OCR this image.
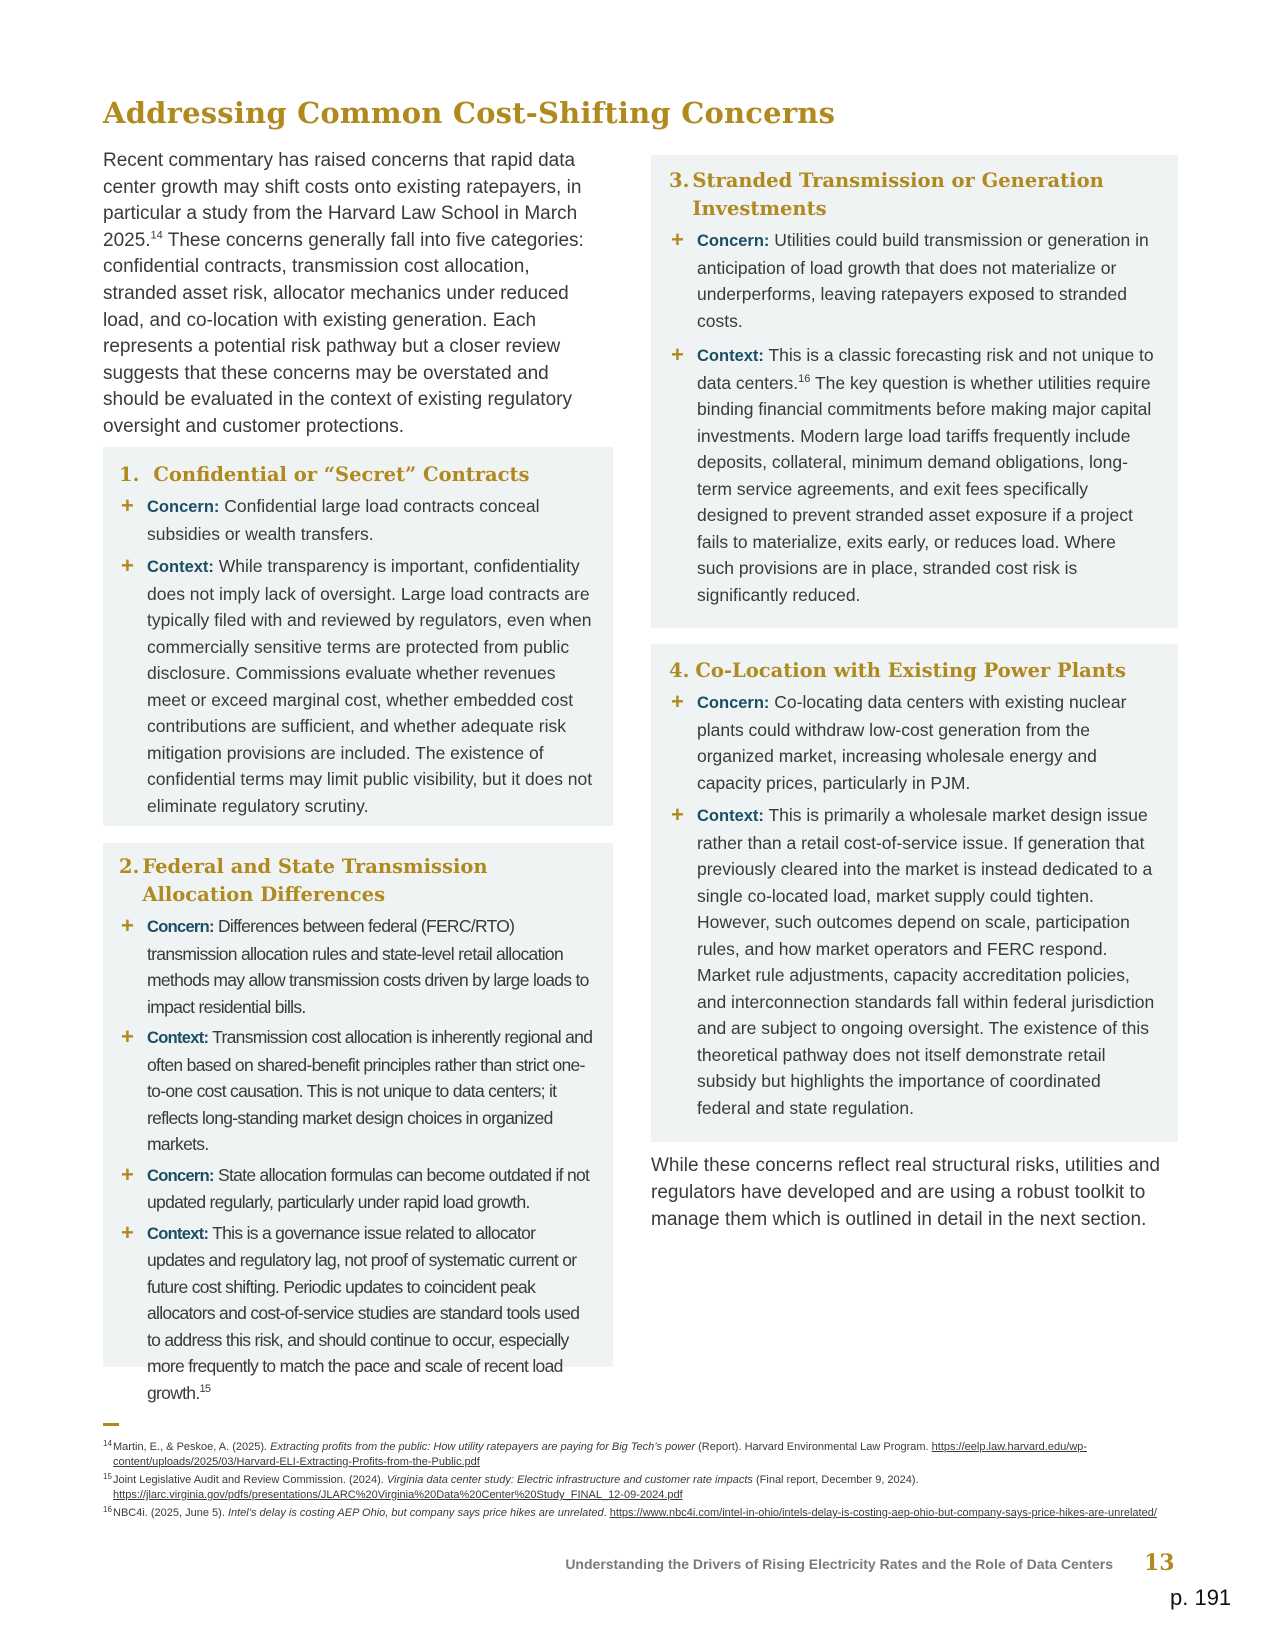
Addressing Common Cost-Shifting Concerns

Recent commentary has raised concerns that rapid data center growth may shift costs onto existing ratepayers, in particular a study from the Harvard Law School in March 2025.14 These concerns generally fall into five categories: confidential contracts, transmission cost allocation, stranded asset risk, allocator mechanics under reduced load, and co-location with existing generation. Each represents a potential risk pathway but a closer review suggests that these concerns may be overstated and should be evaluated in the context of existing regulatory oversight and customer protections.

1. Confidential or “Secret” Contracts
+ Concern: Confidential large load contracts conceal subsidies or wealth transfers.
+ Context: While transparency is important, confidentiality does not imply lack of oversight. Large load contracts are typically filed with and reviewed by regulators, even when commercially sensitive terms are protected from public disclosure. Commissions evaluate whether revenues meet or exceed marginal cost, whether embedded cost contributions are sufficient, and whether adequate risk mitigation provisions are included. The existence of confidential terms may limit public visibility, but it does not eliminate regulatory scrutiny.
2. Federal and State Transmission Allocation Differences
+ Concern: Differences between federal (FERC/RTO) transmission allocation rules and state-level retail allocation methods may allow transmission costs driven by large loads to impact residential bills.
+ Context: Transmission cost allocation is inherently regional and often based on shared-benefit principles rather than strict one-to-one cost causation. This is not unique to data centers; it reflects long-standing market design choices in organized markets.
+ Concern: State allocation formulas can become outdated if not updated regularly, particularly under rapid load growth.
+ Context: This is a governance issue related to allocator updates and regulatory lag, not proof of systematic current or future cost shifting. Periodic updates to coincident peak allocators and cost-of-service studies are standard tools used to address this risk, and should continue to occur, especially more frequently to match the pace and scale of recent load growth.$^{15}$
3. Stranded Transmission or Generation Investments
+ Concern: Utilities could build transmission or generation in anticipation of load growth that does not materialize or underperforms, leaving ratepayers exposed to stranded costs.
+ Context: This is a classic forecasting risk and not unique to data centers.$^{16}$ The key question is whether utilities require binding financial commitments before making major capital investments. Modern large load tariffs frequently include deposits, collateral, minimum demand obligations, long-term service agreements, and exit fees specifically designed to prevent stranded asset exposure if a project fails to materialize, exits early, or reduces load. Where such provisions are in place, stranded cost risk is significantly reduced.
4. Co-Location with Existing Power Plants
+ Concern: Co-locating data centers with existing nuclear plants could withdraw low-cost generation from the organized market, increasing wholesale energy and capacity prices, particularly in PJM.
+ Context: This is primarily a wholesale market design issue rather than a retail cost-of-service issue. If generation that previously cleared into the market is instead dedicated to a single co-located load, market supply could tighten. However, such outcomes depend on scale, participation rules, and how market operators and FERC respond. Market rule adjustments, capacity accreditation policies, and interconnection standards fall within federal jurisdiction and are subject to ongoing oversight. The existence of this theoretical pathway does not itself demonstrate retail subsidy but highlights the importance of coordinated federal and state regulation.

While these concerns reflect real structural risks, utilities and regulators have developed and are using a robust toolkit to manage them which is outlined in detail in the next section.

14 Martin, E., & Peskoe, A. (2025). Extracting profits from the public: How utility ratepayers are paying for Big Tech’s power (Report). Harvard Environmental Law Program. https://eelp.law.harvard.edu/wp-content/uploads/2025/03/Harvard-ELI-Extracting-Profits-from-the-Public.pdf
15 Joint Legislative Audit and Review Commission. (2024). Virginia data center study: Electric infrastructure and customer rate impacts (Final report, December 9, 2024). https://jlarc.virginia.gov/pdfs/presentations/JLARC%20Virginia%20Data%20Center%20Study_FINAL_12-09-2024.pdf
16 NBC4i. (2025, June 5). Intel’s delay is costing AEP Ohio, but company says price hikes are unrelated. https://www.nbc4i.com/intel-in-ohio/intels-delay-is-costing-aep-ohio-but-company-says-price-hikes-are-unrelated/
Understanding the Drivers of Rising Electricity Rates and the Role of Data Centers 13
p. 191
